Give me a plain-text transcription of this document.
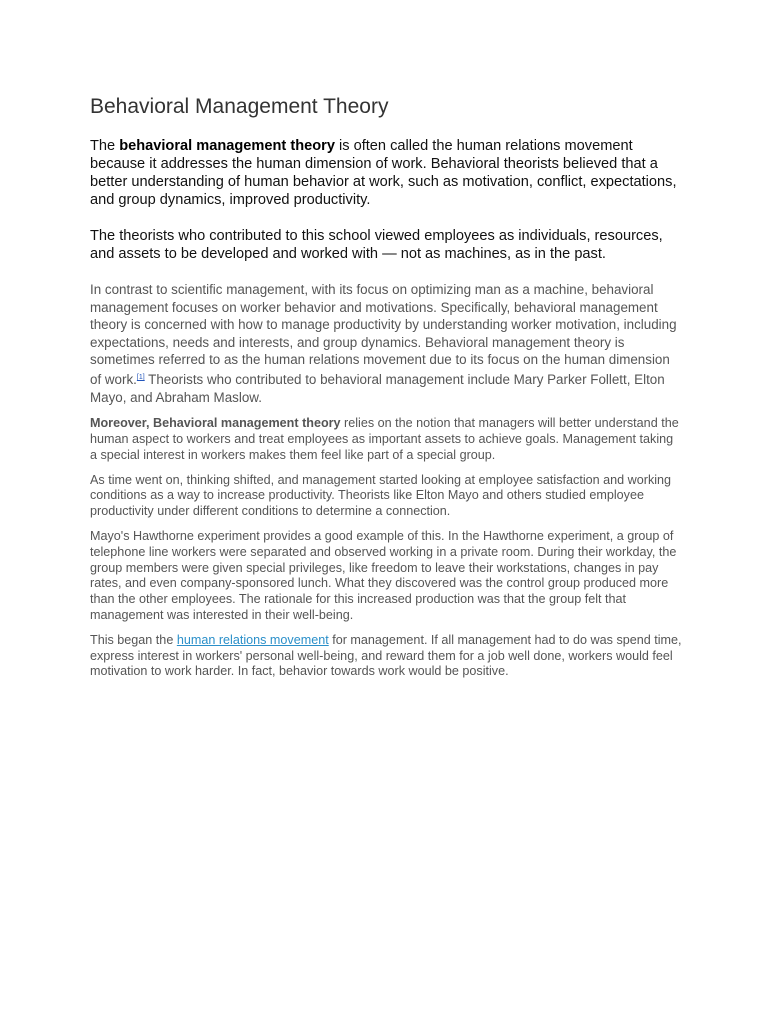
Behavioral Management Theory

The behavioral management theory is often called the human relations movement because it addresses the human dimension of work. Behavioral theorists believed that a better understanding of human behavior at work, such as motivation, conflict, expectations, and group dynamics, improved productivity.

The theorists who contributed to this school viewed employees as individuals, resources, and assets to be developed and worked with — not as machines, as in the past.

In contrast to scientific management, with its focus on optimizing man as a machine, behavioral management focuses on worker behavior and motivations. Specifically, behavioral management theory is concerned with how to manage productivity by understanding worker motivation, including expectations, needs and interests, and group dynamics. Behavioral management theory is sometimes referred to as the human relations movement due to its focus on the human dimension of work.[1] Theorists who contributed to behavioral management include Mary Parker Follett, Elton Mayo, and Abraham Maslow.

Moreover, Behavioral management theory relies on the notion that managers will better understand the human aspect to workers and treat employees as important assets to achieve goals. Management taking a special interest in workers makes them feel like part of a special group.

As time went on, thinking shifted, and management started looking at employee satisfaction and working conditions as a way to increase productivity. Theorists like Elton Mayo and others studied employee productivity under different conditions to determine a connection.

Mayo's Hawthorne experiment provides a good example of this. In the Hawthorne experiment, a group of telephone line workers were separated and observed working in a private room. During their workday, the group members were given special privileges, like freedom to leave their workstations, changes in pay rates, and even company-sponsored lunch. What they discovered was the control group produced more than the other employees. The rationale for this increased production was that the group felt that management was interested in their well-being.

This began the human relations movement for management. If all management had to do was spend time, express interest in workers' personal well-being, and reward them for a job well done, workers would feel motivation to work harder. In fact, behavior towards work would be positive.
